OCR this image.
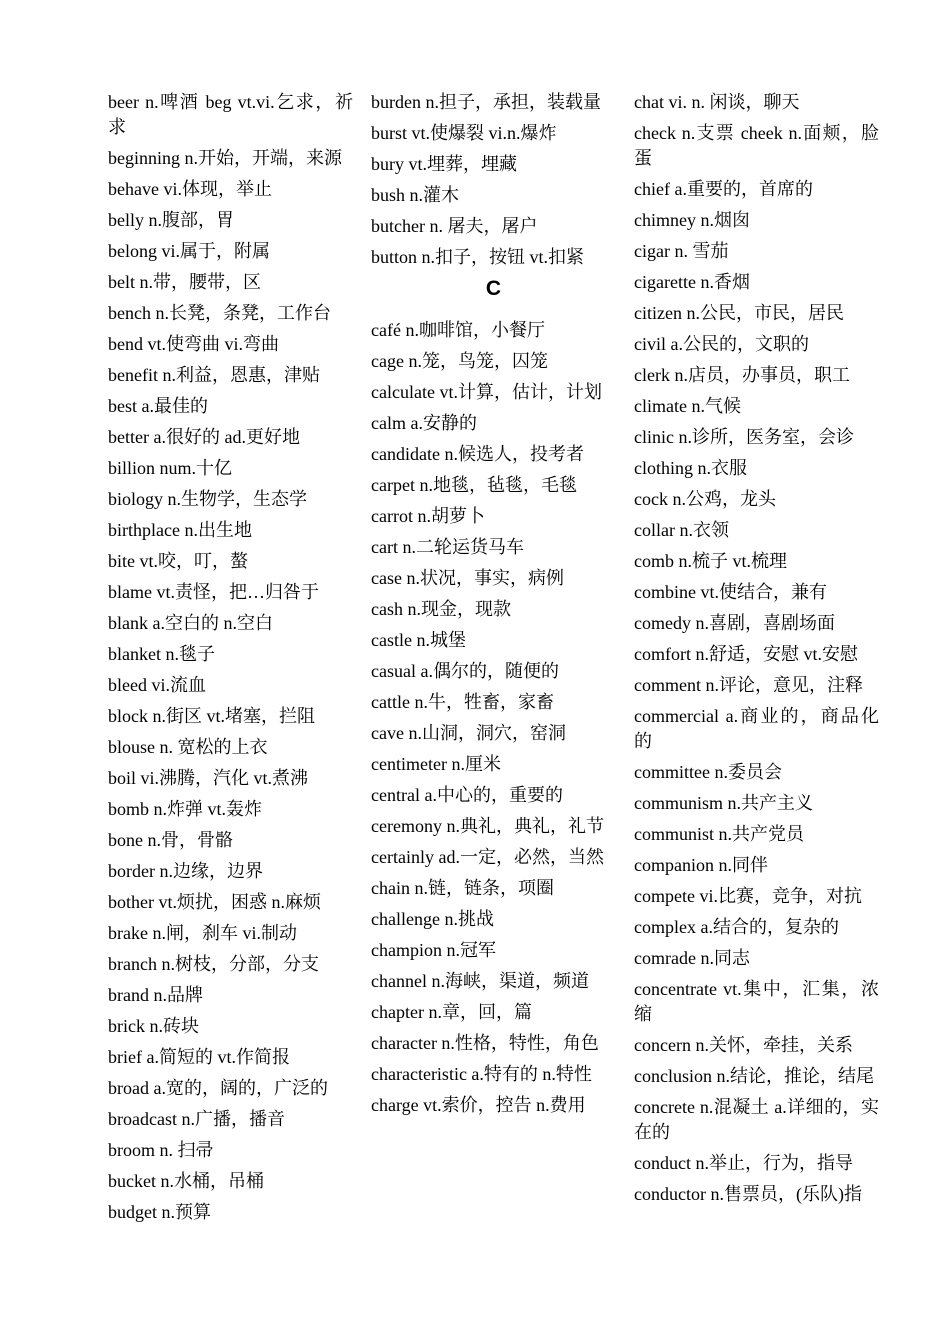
beer n.啤酒 beg vt.vi.乞求，祈求
beginning n.开始，开端，来源
behave vi.体现，举止
belly n.腹部，胃
belong vi.属于，附属
belt n.带，腰带，区
bench n.长凳，条凳，工作台
bend vt.使弯曲 vi.弯曲
benefit n.利益，恩惠，津贴
best a.最佳的
better a.很好的 ad.更好地
billion num.十亿
biology n.生物学，生态学
birthplace n.出生地
bite vt.咬，叮，螯
blame vt.责怪，把…归咎于
blank a.空白的 n.空白
blanket n.毯子
bleed vi.流血
block n.街区 vt.堵塞，拦阻
blouse n. 宽松的上衣
boil vi.沸腾，汽化 vt.煮沸
bomb n.炸弹 vt.轰炸
bone n.骨，骨骼
border n.边缘，边界
bother vt.烦扰，困惑 n.麻烦
brake n.闸，刹车 vi.制动
branch n.树枝，分部，分支
brand n.品牌
brick n.砖块
brief a.简短的 vt.作简报
broad a.宽的，阔的，广泛的
broadcast n.广播，播音
broom n. 扫帚
bucket n.水桶，吊桶
budget n.预算
burden n.担子，承担，装载量
burst vt.使爆裂 vi.n.爆炸
bury vt.埋葬，埋藏
bush n.灌木
butcher n. 屠夫，屠户
button n.扣子，按钮 vt.扣紧
C
café n.咖啡馆，小餐厅
cage n.笼，鸟笼，囚笼
calculate vt.计算，估计，计划
calm a.安静的
candidate n.候选人，投考者
carpet n.地毯，毡毯，毛毯
carrot n.胡萝卜
cart n.二轮运货马车
case n.状况，事实，病例
cash n.现金，现款
castle n.城堡
casual a.偶尔的，随便的
cattle n.牛，牲畜，家畜
cave n.山洞，洞穴，窑洞
centimeter n.厘米
central a.中心的，重要的
ceremony n.典礼，典礼，礼节
certainly ad.一定，必然，当然
chain n.链，链条，项圈
challenge n.挑战
champion n.冠军
channel n.海峡，渠道，频道
chapter n.章，回，篇
character n.性格，特性，角色
characteristic a.特有的 n.特性
charge vt.索价，控告 n.费用
chat vi. n. 闲谈，聊天
check n.支票 cheek n.面颊，脸蛋
chief a.重要的，首席的
chimney n.烟囱
cigar n. 雪茄
cigarette n.香烟
citizen n.公民，市民，居民
civil a.公民的，文职的
clerk n.店员，办事员，职工
climate n.气候
clinic n.诊所，医务室，会诊
clothing n.衣服
cock n.公鸡，龙头
collar n.衣领
comb n.梳子 vt.梳理
combine vt.使结合，兼有
comedy n.喜剧，喜剧场面
comfort n.舒适，安慰 vt.安慰
comment n.评论，意见，注释
commercial a.商业的，商品化的
committee n.委员会
communism n.共产主义
communist n.共产党员
companion n.同伴
compete vi.比赛，竞争，对抗
complex a.结合的，复杂的
comrade n.同志
concentrate vt.集中，汇集，浓缩
concern n.关怀，牵挂，关系
conclusion n.结论，推论，结尾
concrete n.混凝土 a.详细的，实在的
conduct n.举止，行为，指导
conductor n.售票员，(乐队)指
